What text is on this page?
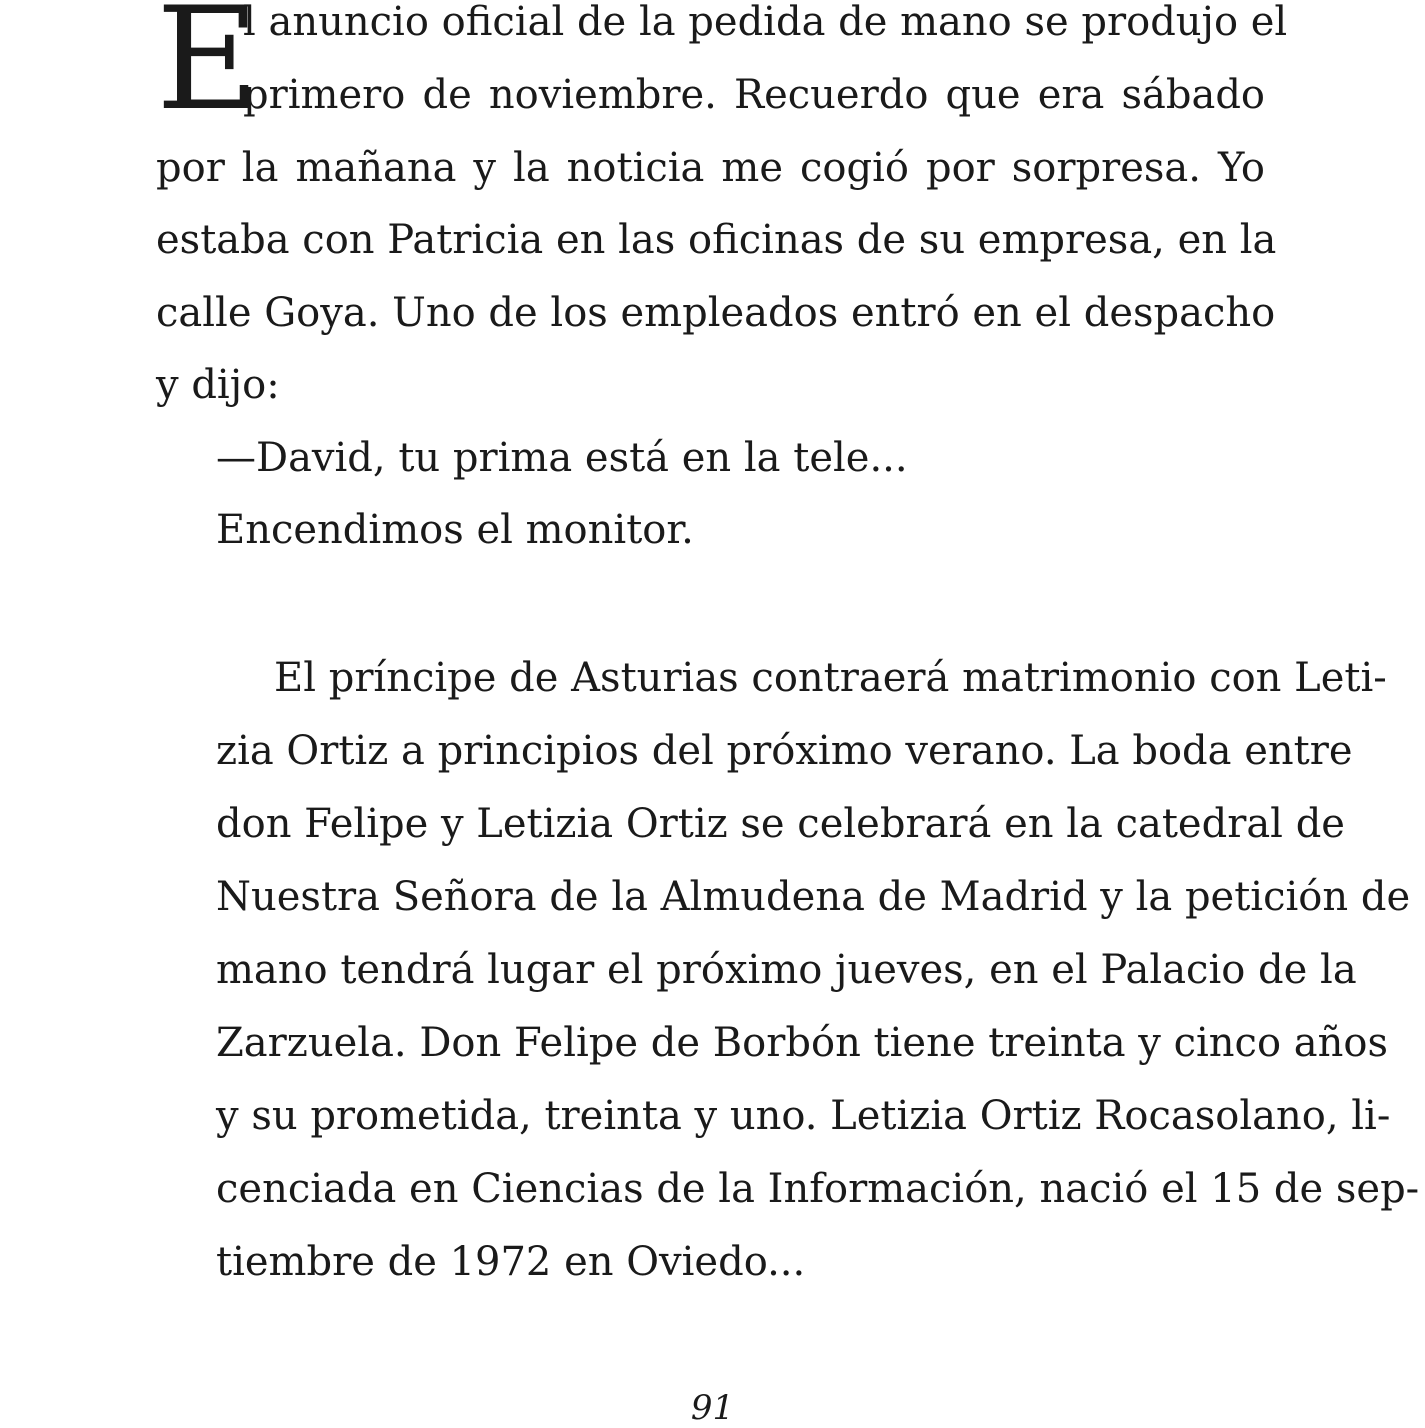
E
l anuncio oficial de la pedida de mano se produjo el
primero de noviembre. Recuerdo que era sábado
por la mañana y la noticia me cogió por sorpresa. Yo
estaba con Patricia en las oficinas de su empresa, en la
calle Goya. Uno de los empleados entró en el despacho
y dijo:
—David, tu prima está en la tele...
Encendimos el monitor.
El príncipe de Asturias contraerá matrimonio con Leti-
zia Ortiz a principios del próximo verano. La boda entre
don Felipe y Letizia Ortiz se celebrará en la catedral de
Nuestra Señora de la Almudena de Madrid y la petición de
mano tendrá lugar el próximo jueves, en el Palacio de la
Zarzuela. Don Felipe de Borbón tiene treinta y cinco años
y su prometida, treinta y uno. Letizia Ortiz Rocasolano, li-
cenciada en Ciencias de la Información, nació el 15 de sep-
tiembre de 1972 en Oviedo...
91
